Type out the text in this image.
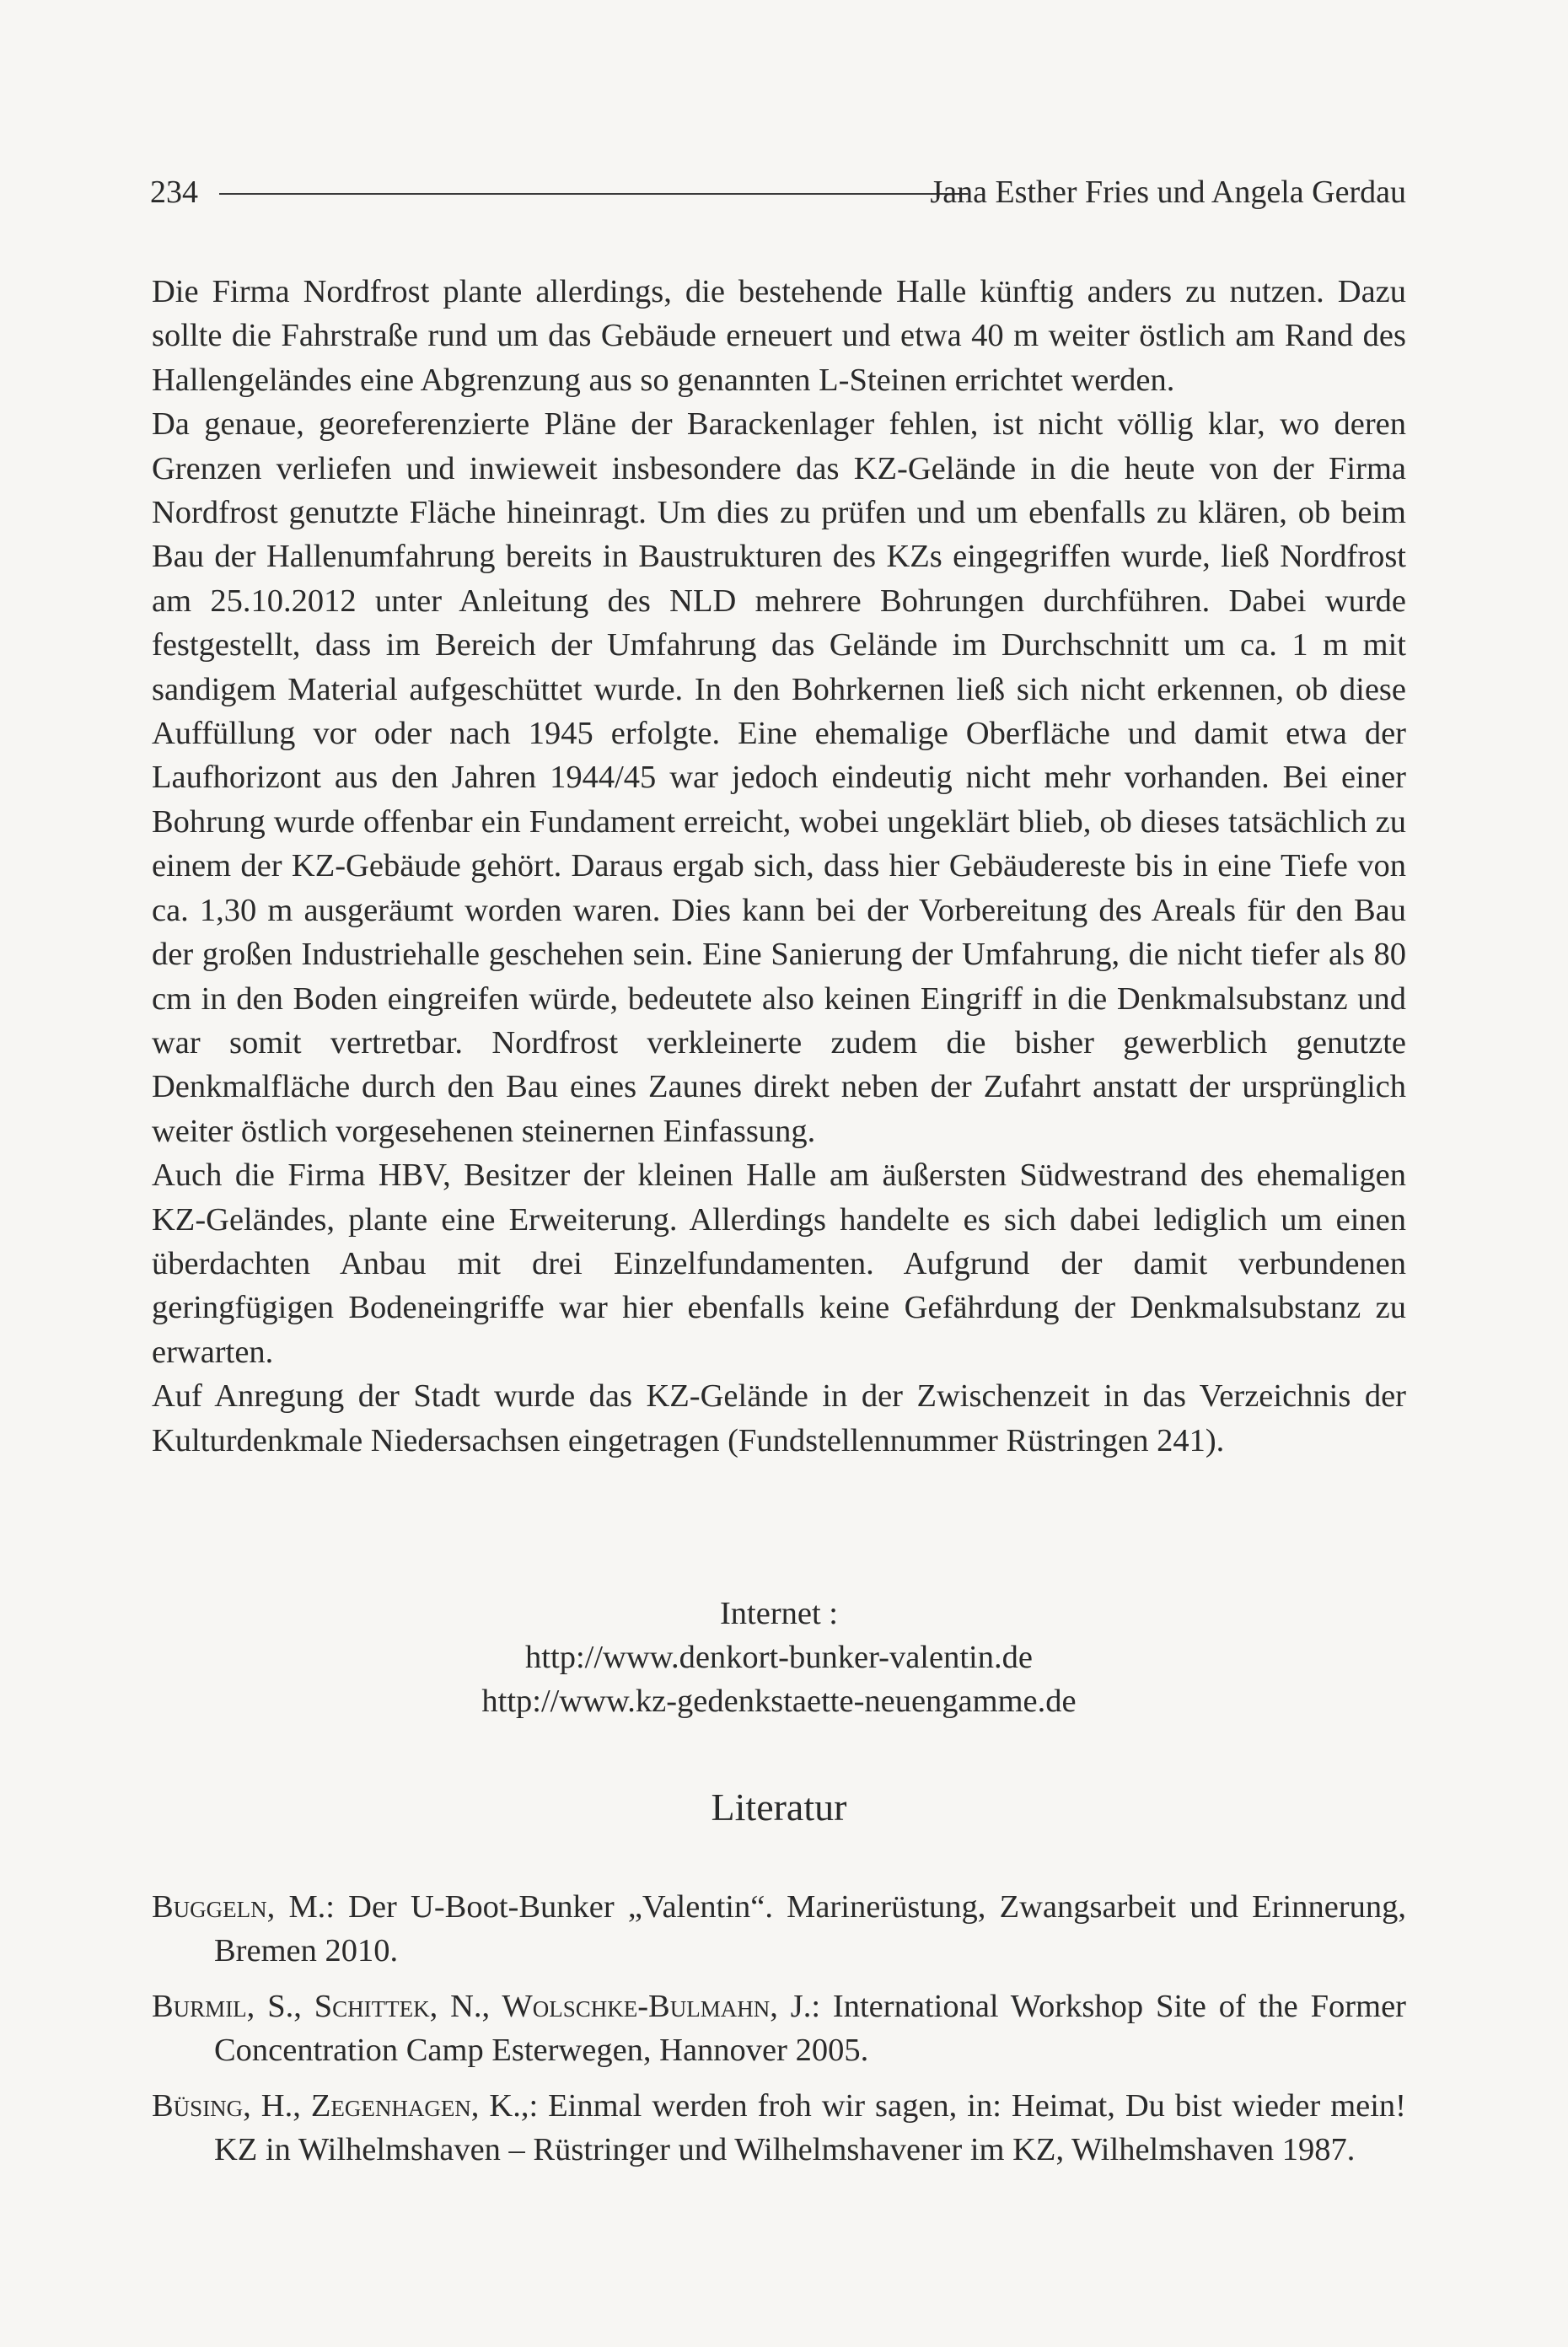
234	Jana Esther Fries und Angela Gerdau

Die Firma Nordfrost plante allerdings, die bestehende Halle künftig anders zu nutzen. Dazu sollte die Fahrstraße rund um das Gebäude erneuert und etwa 40 m weiter östlich am Rand des Hallengeländes eine Abgrenzung aus so genannten L-Steinen errichtet werden.

Da genaue, georeferenzierte Pläne der Barackenlager fehlen, ist nicht völlig klar, wo deren Grenzen verliefen und inwieweit insbesondere das KZ-Gelände in die heute von der Firma Nordfrost genutzte Fläche hineinragt. Um dies zu prüfen und um ebenfalls zu klären, ob beim Bau der Hallenumfahrung bereits in Baustrukturen des KZs eingegriffen wurde, ließ Nordfrost am 25.10.2012 unter Anleitung des NLD mehrere Bohrungen durchführen. Dabei wurde festgestellt, dass im Bereich der Umfahrung das Gelände im Durchschnitt um ca. 1 m mit sandigem Material aufgeschüttet wurde. In den Bohrkernen ließ sich nicht erkennen, ob diese Auffüllung vor oder nach 1945 erfolgte. Eine ehemalige Oberfläche und damit etwa der Laufhorizont aus den Jahren 1944/45 war jedoch eindeutig nicht mehr vorhanden. Bei einer Bohrung wurde offenbar ein Fundament erreicht, wobei ungeklärt blieb, ob dieses tatsächlich zu einem der KZ-Gebäude gehört. Daraus ergab sich, dass hier Gebäudereste bis in eine Tiefe von ca. 1,30 m ausgeräumt worden waren. Dies kann bei der Vorbereitung des Areals für den Bau der großen Industriehalle geschehen sein. Eine Sanierung der Umfahrung, die nicht tiefer als 80 cm in den Boden eingreifen würde, bedeutete also keinen Eingriff in die Denkmalsubstanz und war somit vertretbar. Nordfrost verkleinerte zudem die bisher gewerblich genutzte Denkmalfläche durch den Bau eines Zaunes direkt neben der Zufahrt anstatt der ursprünglich weiter östlich vorgesehenen steinernen Einfassung.

Auch die Firma HBV, Besitzer der kleinen Halle am äußersten Südwestrand des ehemaligen KZ-Geländes, plante eine Erweiterung. Allerdings handelte es sich dabei lediglich um einen überdachten Anbau mit drei Einzelfundamenten. Aufgrund der damit verbundenen geringfügigen Bodeneingriffe war hier ebenfalls keine Gefährdung der Denkmalsubstanz zu erwarten.

Auf Anregung der Stadt wurde das KZ-Gelände in der Zwischenzeit in das Verzeichnis der Kulturdenkmale Niedersachsen eingetragen (Fundstellennummer Rüstringen 241).

Internet :
http://www.denkort-bunker-valentin.de
http://www.kz-gedenkstaette-neuengamme.de
Literatur

Buggeln, M.: Der U-Boot-Bunker „Valentin“. Marinerüstung, Zwangsarbeit und Erinnerung, Bremen 2010.

Burmil, S., Schittek, N., Wolschke-Bulmahn, J.: International Workshop Site of the Former Concentration Camp Esterwegen, Hannover 2005.

Büsing, H., Zegenhagen, K.,: Einmal werden froh wir sagen, in: Heimat, Du bist wieder mein! KZ in Wilhelmshaven – Rüstringer und Wilhelmshavener im KZ, Wilhelmshaven 1987.
